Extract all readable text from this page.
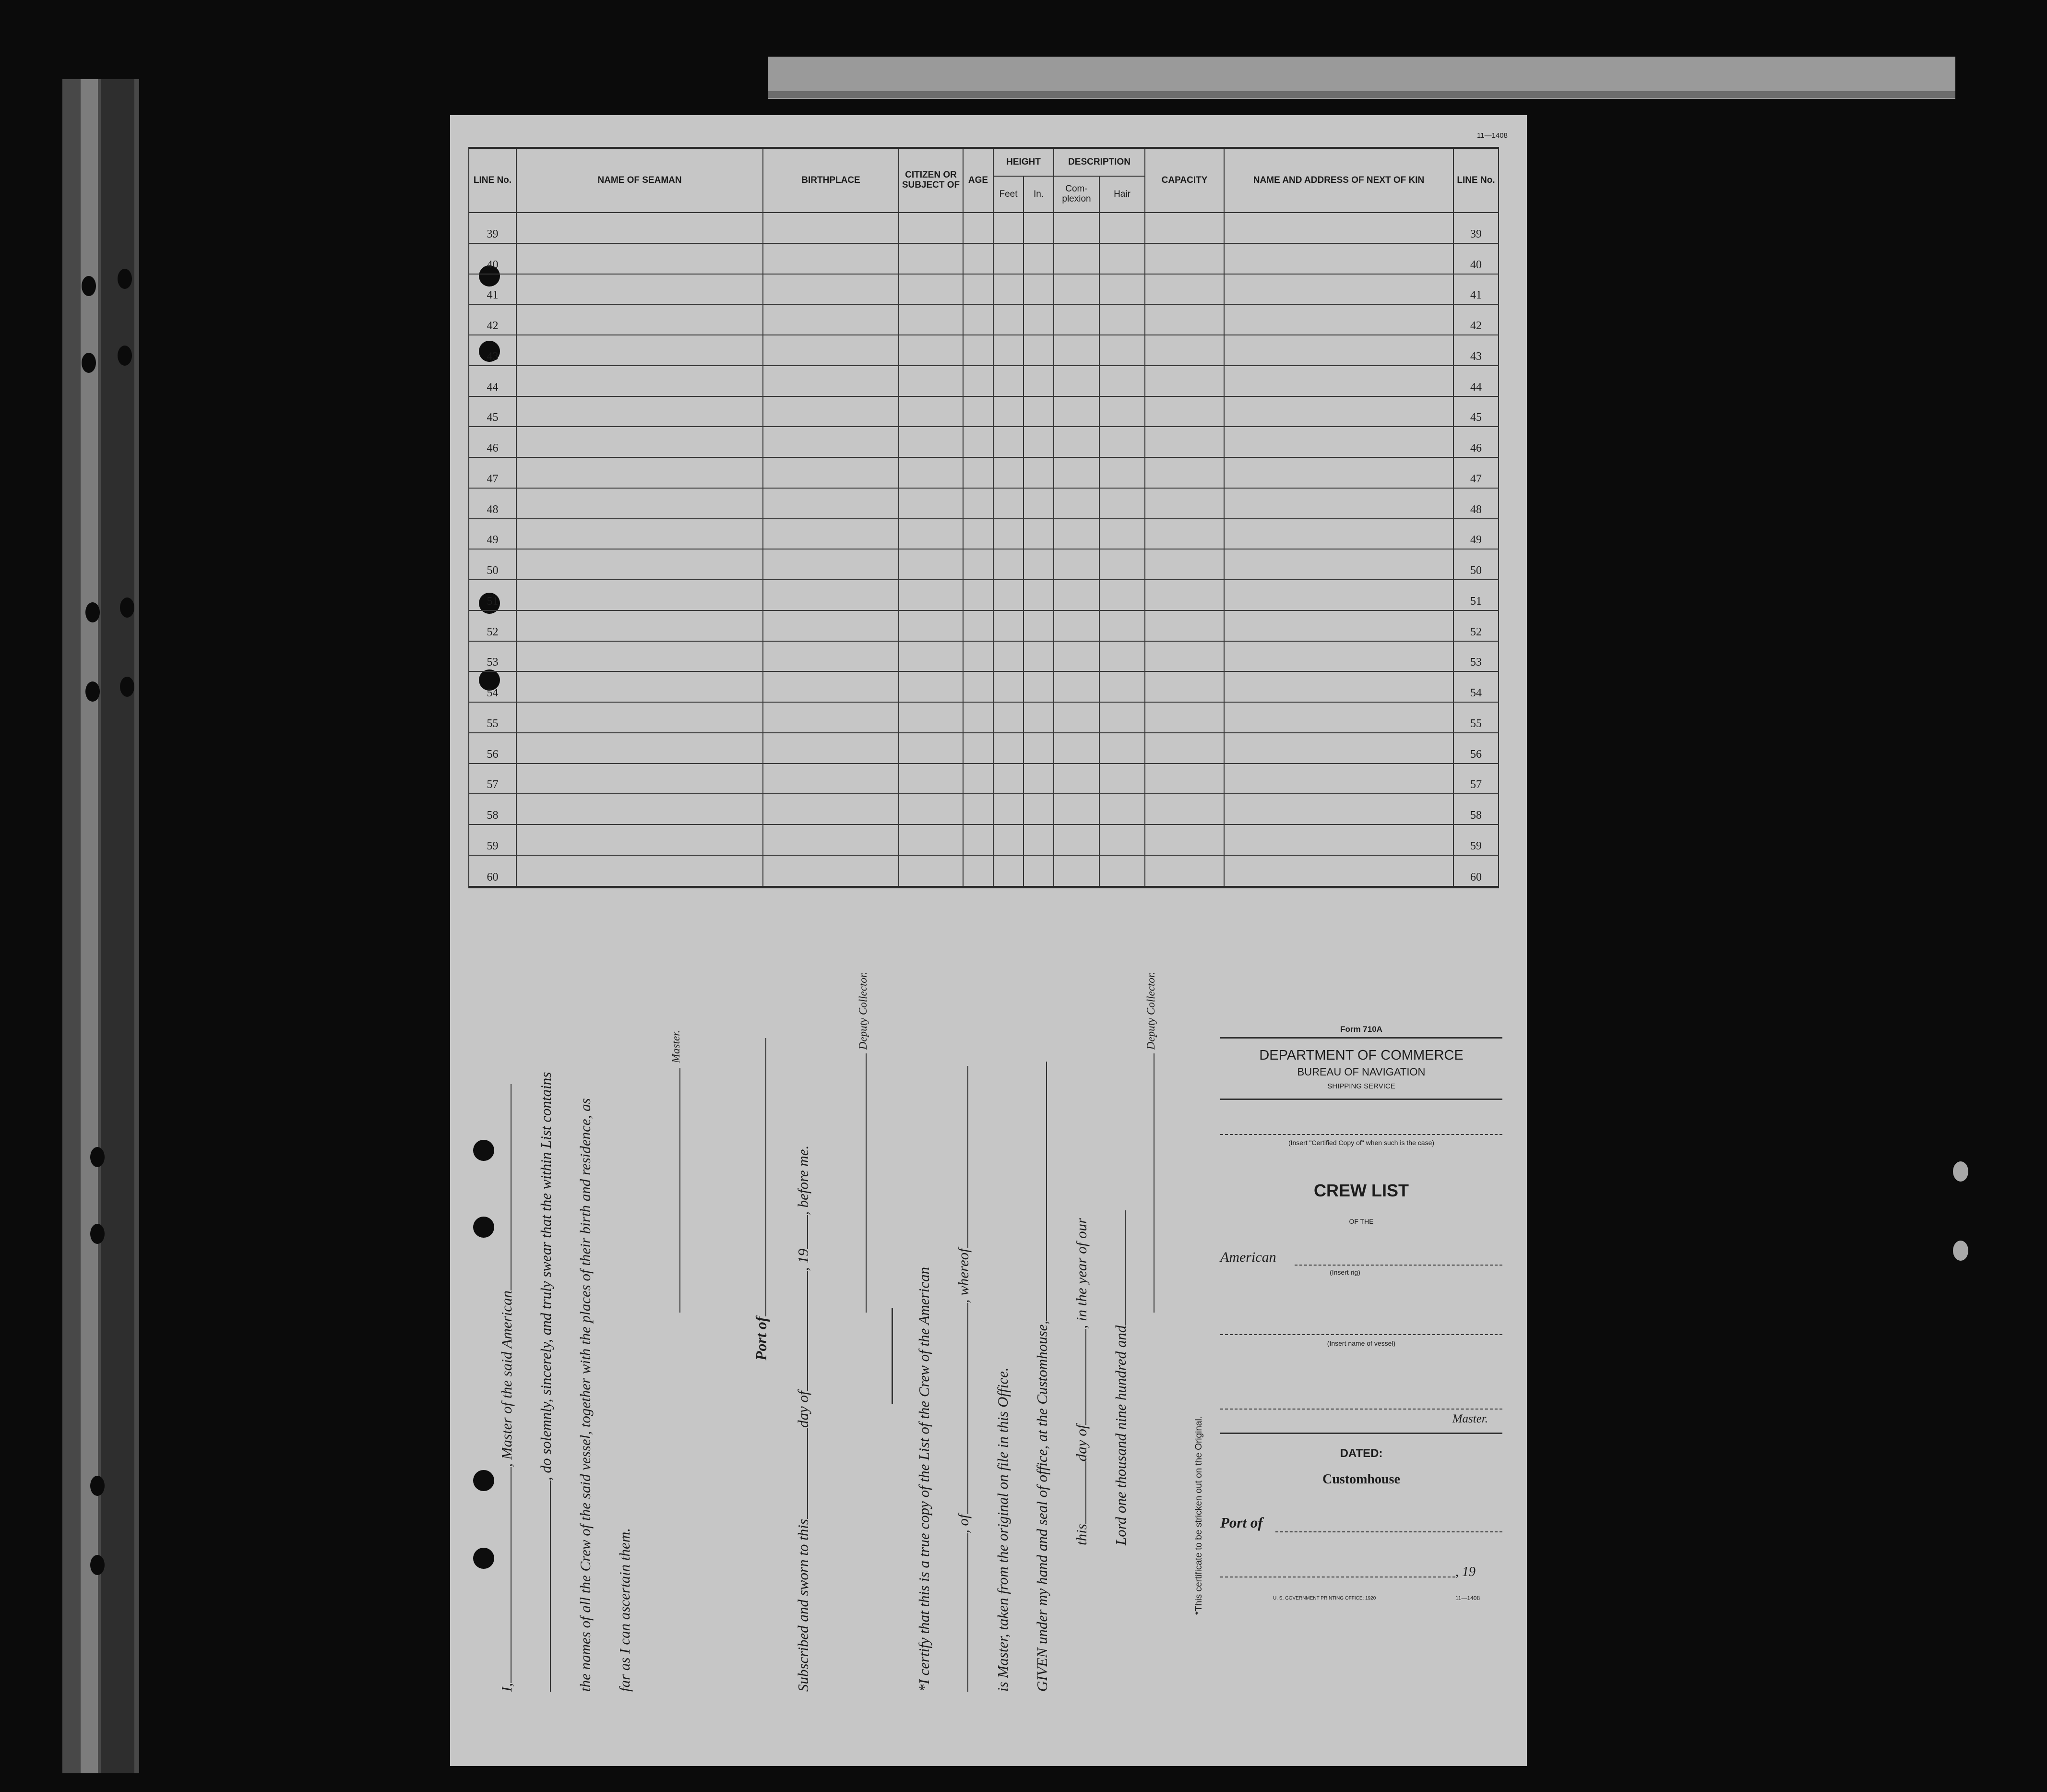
11—1408
LINE No.	NAME OF SEAMAN	BIRTHPLACE	CITIZEN OR SUBJECT OF	AGE	HEIGHT		DESCRIPTION		CAPACITY	NAME AND ADDRESS OF NEXT OF KIN	LINE No.
					Feet	In.	Com-plexion	Hair			
39											39
40											40
41											41
42											42
43											43
44											44
45											45
46											46
47											47
48											48
49											49
50											50
51											51
52											52
53											53
54											54
55											55
56											56
57											57
58											58
59											59
60											60
I,, Master of the said American , do solemnly, sincerely, and truly swear that the within List contains the names of all the Crew of the said vessel, together with the places of their birth and residence, as far as I can ascertain them.
Master.
Port of
Subscribed and sworn to thisday of, 19, before me.
Deputy Collector.
*I certify that this is a true copy of the List of the Crew of the American , of, whereof
is Master, taken from the original on file in this Office. GIVEN under my hand and seal of office, at the Customhouse, thisday of, in the year of our
Lord one thousand nine hundred and
Deputy Collector.
*This certificate to be stricken out on the Original.
Form 710A
DEPARTMENT OF COMMERCE
BUREAU OF NAVIGATION
SHIPPING SERVICE
(Insert "Certified Copy of" when such is the case)
CREW LIST
OF THE
American
(Insert rig)
(Insert name of vessel)
Master.
DATED:
Customhouse
Port of
, 19
U. S. GOVERNMENT PRINTING OFFICE: 1920	11—1408
